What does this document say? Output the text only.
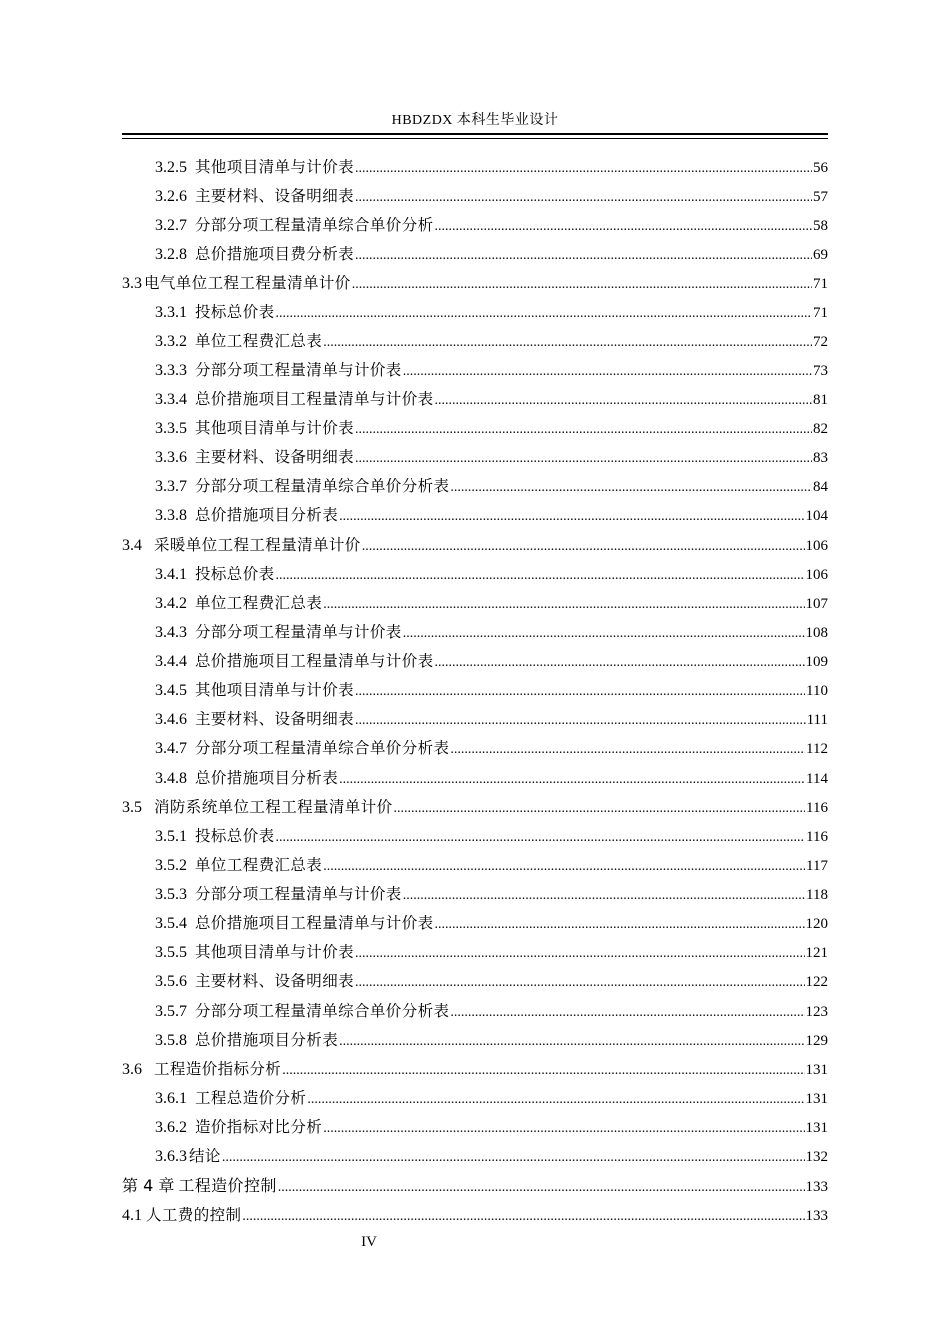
HBDZDX 本科生毕业设计
3.2.5 其他项目清单与计价表 .....	56
3.2.6 主要材料、设备明细表 .....	57
3.2.7 分部分项工程量清单综合单价分析 .....	58
3.2.8 总价措施项目费分析表 .....	69
3.3 电气单位工程工程量清单计价 .....	71
3.3.1 投标总价表 .....	71
3.3.2 单位工程费汇总表 .....	72
3.3.3 分部分项工程量清单与计价表 .....	73
3.3.4 总价措施项目工程量清单与计价表 .....	81
3.3.5 其他项目清单与计价表 .....	82
3.3.6 主要材料、设备明细表 .....	83
3.3.7 分部分项工程量清单综合单价分析表 .....	84
3.3.8 总价措施项目分析表 .....	104
3.4 采暖单位工程工程量清单计价 .....	106
3.4.1 投标总价表 .....	106
3.4.2 单位工程费汇总表 .....	107
3.4.3 分部分项工程量清单与计价表 .....	108
3.4.4 总价措施项目工程量清单与计价表 .....	109
3.4.5 其他项目清单与计价表 .....	110
3.4.6 主要材料、设备明细表 .....	111
3.4.7 分部分项工程量清单综合单价分析表 .....	112
3.4.8 总价措施项目分析表 .....	114
3.5 消防系统单位工程工程量清单计价 .....	116
3.5.1 投标总价表 .....	116
3.5.2 单位工程费汇总表 .....	117
3.5.3 分部分项工程量清单与计价表 .....	118
3.5.4 总价措施项目工程量清单与计价表 .....	120
3.5.5 其他项目清单与计价表 .....	121
3.5.6 主要材料、设备明细表 .....	122
3.5.7 分部分项工程量清单综合单价分析表 .....	123
3.5.8 总价措施项目分析表 .....	129
3.6 工程造价指标分析 .....	131
3.6.1 工程总造价分析 .....	131
3.6.2 造价指标对比分析 .....	131
3.6.3 结论 .....	132
第 4 章 工程造价控制 .....	133
4.1 人工费的控制 .....	133
IV
